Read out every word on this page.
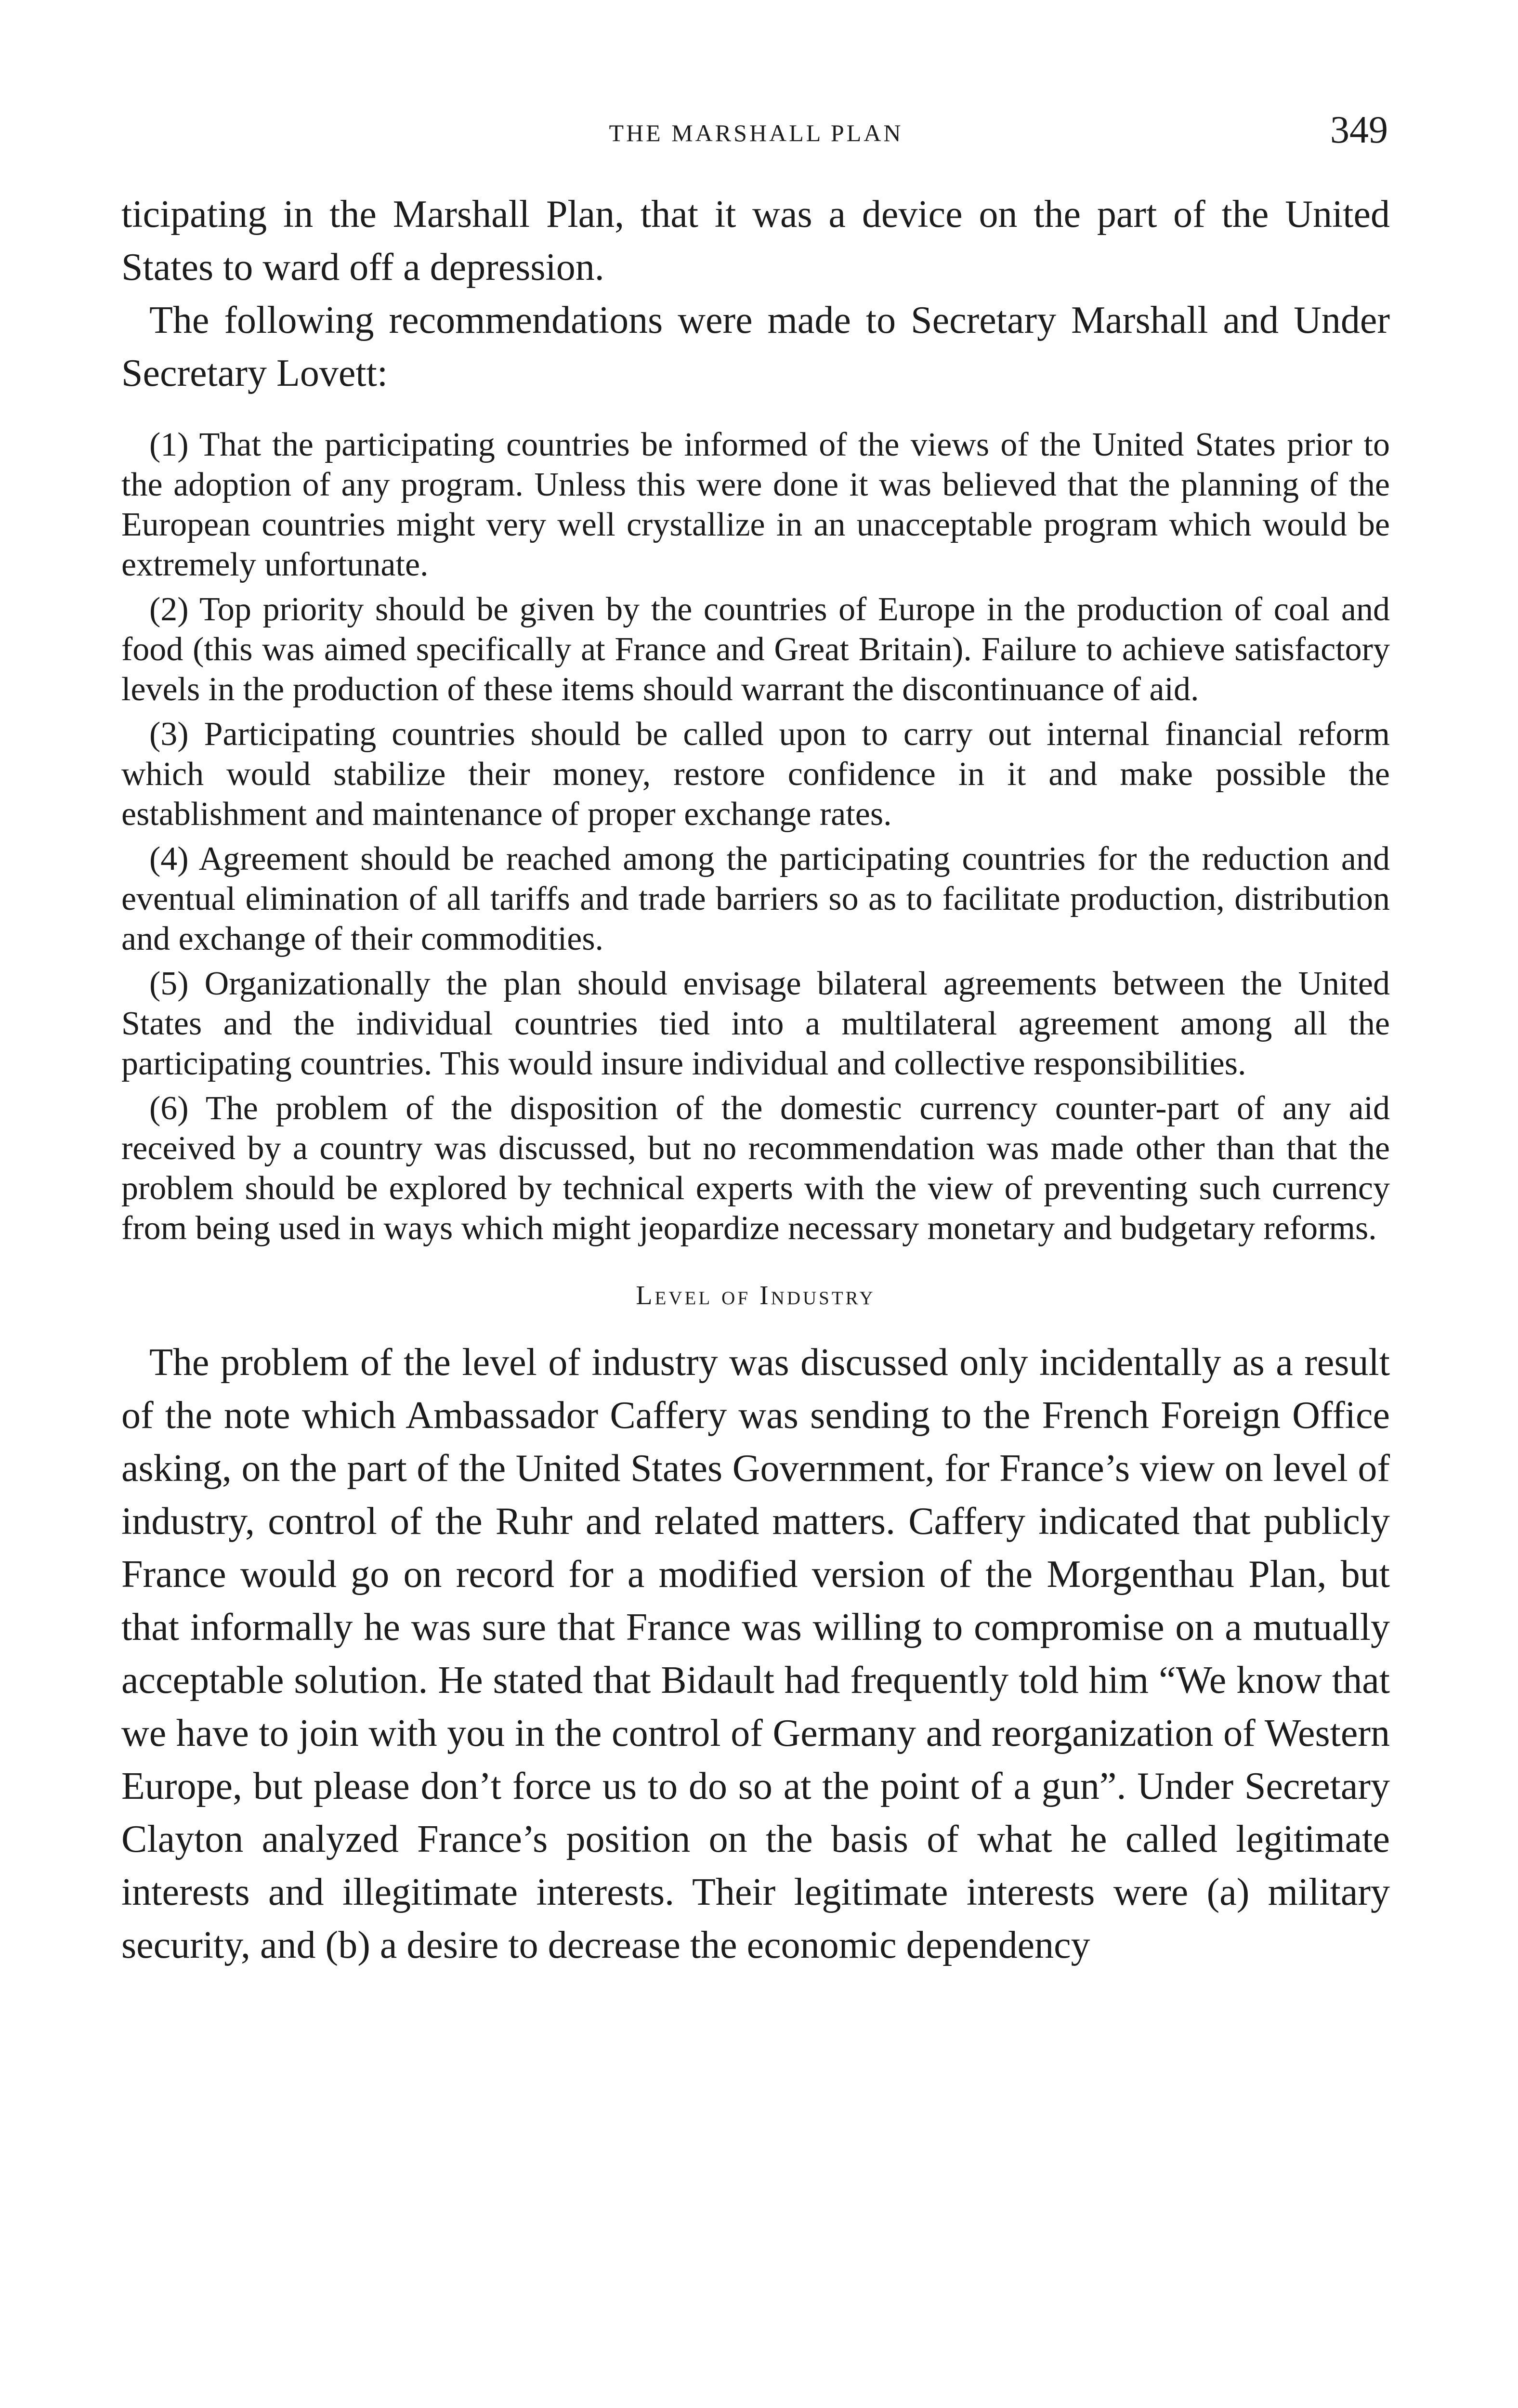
THE MARSHALL PLAN	349

ticipating in the Marshall Plan, that it was a device on the part of the United States to ward off a depression.

The following recommendations were made to Secretary Marshall and Under Secretary Lovett:

(1) That the participating countries be informed of the views of the United States prior to the adoption of any program. Unless this were done it was believed that the planning of the European countries might very well crystallize in an unacceptable program which would be extremely unfortunate.

(2) Top priority should be given by the countries of Europe in the production of coal and food (this was aimed specifically at France and Great Britain). Failure to achieve satisfactory levels in the production of these items should warrant the discontinuance of aid.

(3) Participating countries should be called upon to carry out internal financial reform which would stabilize their money, restore confidence in it and make possible the establishment and maintenance of proper exchange rates.

(4) Agreement should be reached among the participating countries for the reduction and eventual elimination of all tariffs and trade barriers so as to facilitate production, distribution and exchange of their commodities.

(5) Organizationally the plan should envisage bilateral agreements between the United States and the individual countries tied into a multilateral agreement among all the participating countries. This would insure individual and collective responsibilities.

(6) The problem of the disposition of the domestic currency counter-part of any aid received by a country was discussed, but no recommendation was made other than that the problem should be explored by technical experts with the view of preventing such currency from being used in ways which might jeopardize necessary monetary and budgetary reforms.

Level of Industry

The problem of the level of industry was discussed only incidentally as a result of the note which Ambassador Caffery was sending to the French Foreign Office asking, on the part of the United States Government, for France’s view on level of industry, control of the Ruhr and related matters. Caffery indicated that publicly France would go on record for a modified version of the Morgenthau Plan, but that informally he was sure that France was willing to compromise on a mutually acceptable solution. He stated that Bidault had frequently told him “We know that we have to join with you in the control of Germany and reorganization of Western Europe, but please don’t force us to do so at the point of a gun”. Under Secretary Clayton analyzed France’s position on the basis of what he called legitimate interests and illegitimate interests. Their legitimate interests were (a) military security, and (b) a desire to decrease the economic dependency
